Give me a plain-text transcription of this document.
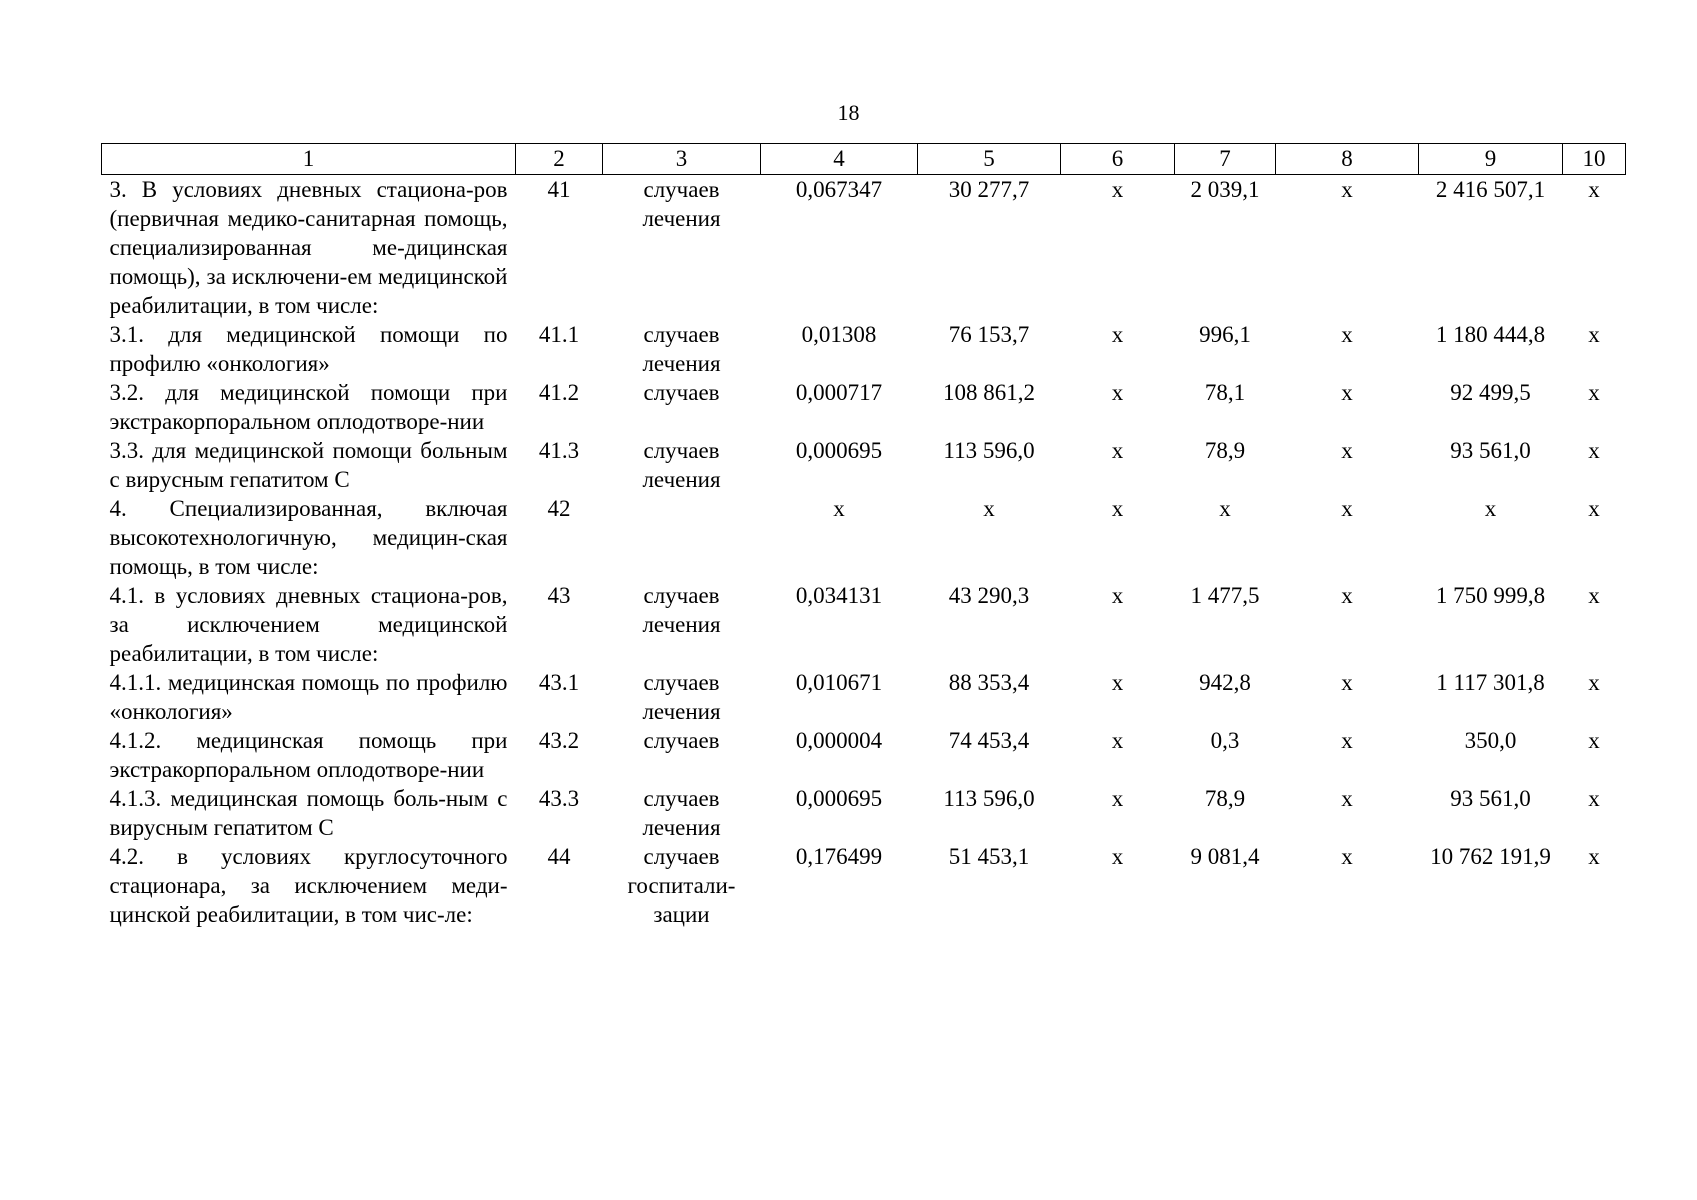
18
1	2	3	4	5	6	7	8	9	10
3. В условиях дневных стациона-ров (первичная медико-санитарная помощь, специализированная ме-дицинская помощь), за исключени-ем медицинской реабилитации, в том числе:	41	случаев лечения	0,067347	30 277,7	х	2 039,1	х	2 416 507,1	х
3.1. для медицинской помощи по профилю «онкология»	41.1	случаев лечения	0,01308	76 153,7	х	996,1	х	1 180 444,8	х
3.2. для медицинской помощи при экстракорпоральном оплодотворе-нии	41.2	случаев	0,000717	108 861,2	х	78,1	х	92 499,5	х
3.3. для медицинской помощи больным с вирусным гепатитом С	41.3	случаев лечения	0,000695	113 596,0	х	78,9	х	93 561,0	х
4. Специализированная, включая высокотехнологичную, медицин-ская помощь, в том числе:	42		х	х	х	х	х	х	х
4.1. в условиях дневных стациона-ров, за исключением медицинской реабилитации, в том числе:	43	случаев лечения	0,034131	43 290,3	х	1 477,5	х	1 750 999,8	х
4.1.1. медицинская помощь по профилю «онкология»	43.1	случаев лечения	0,010671	88 353,4	х	942,8	х	1 117 301,8	х
4.1.2. медицинская помощь при экстракорпоральном оплодотворе-нии	43.2	случаев	0,000004	74 453,4	х	0,3	х	350,0	х
4.1.3. медицинская помощь боль-ным с вирусным гепатитом С	43.3	случаев лечения	0,000695	113 596,0	х	78,9	х	93 561,0	х
4.2. в условиях круглосуточного стационара, за исключением меди-цинской реабилитации, в том чис-ле:	44	случаев госпитали-зации	0,176499	51 453,1	х	9 081,4	х	10 762 191,9	х
